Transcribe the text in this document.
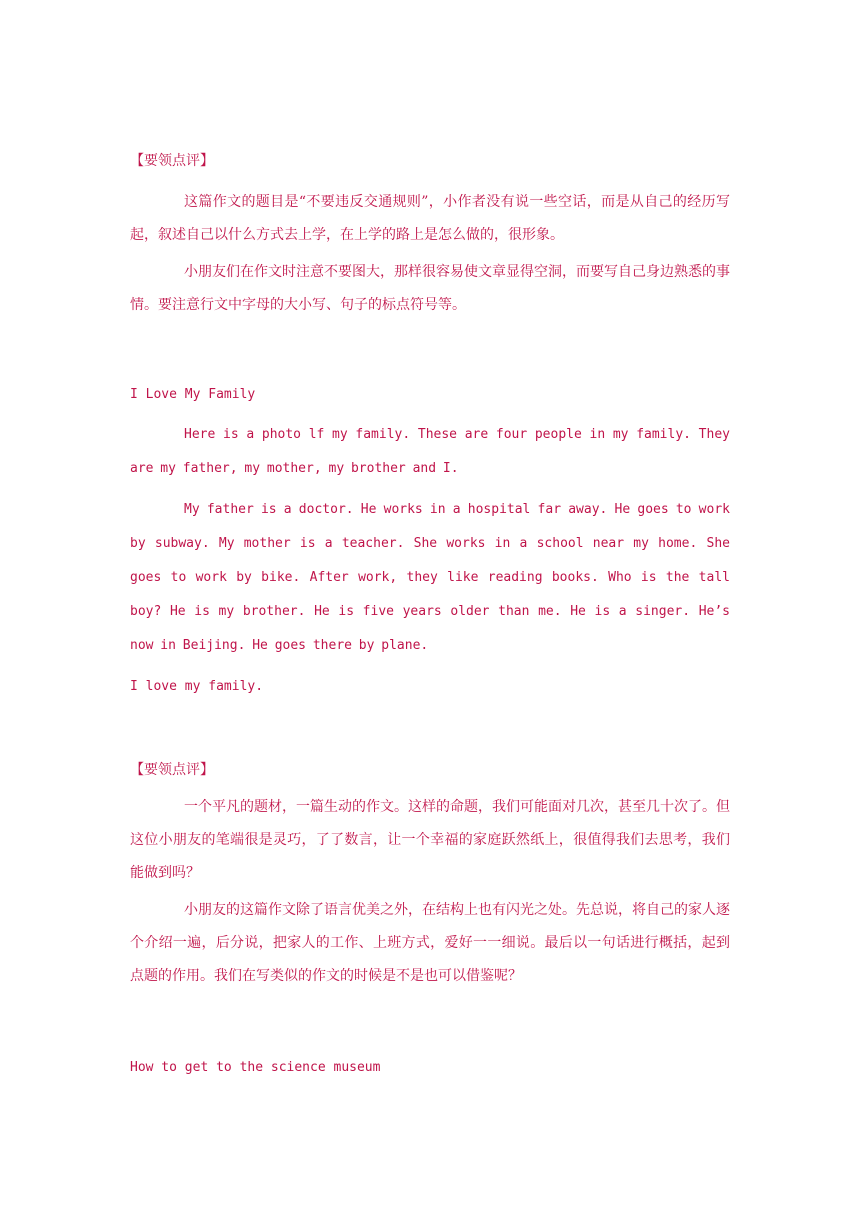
【要领点评】

这篇作文的题目是“不要违反交通规则”，小作者没有说一些空话，而是从自己的经历写起，叙述自己以什么方式去上学，在上学的路上是怎么做的，很形象。

小朋友们在作文时注意不要图大，那样很容易使文章显得空洞，而要写自己身边熟悉的事情。要注意行文中字母的大小写、句子的标点符号等。

I Love My Family

Here is a photo lf my family. These are four people in my family. They are my father, my mother, my brother and I.

My father is a doctor. He works in a hospital far away. He goes to work by subway. My mother is a teacher. She works in a school near my home. She goes to work by bike. After work, they like reading books. Who is the tall boy? He is my brother. He is five years older than me. He is a singer. He’s now in Beijing. He goes there by plane.

I love my family.
【要领点评】

一个平凡的题材，一篇生动的作文。这样的命题，我们可能面对几次，甚至几十次了。但这位小朋友的笔端很是灵巧，了了数言，让一个幸福的家庭跃然纸上，很值得我们去思考，我们能做到吗？

小朋友的这篇作文除了语言优美之外，在结构上也有闪光之处。先总说，将自己的家人逐个介绍一遍，后分说，把家人的工作、上班方式，爱好一一细说。最后以一句话进行概括，起到点题的作用。我们在写类似的作文的时候是不是也可以借鉴呢？

How to get to the science museum
